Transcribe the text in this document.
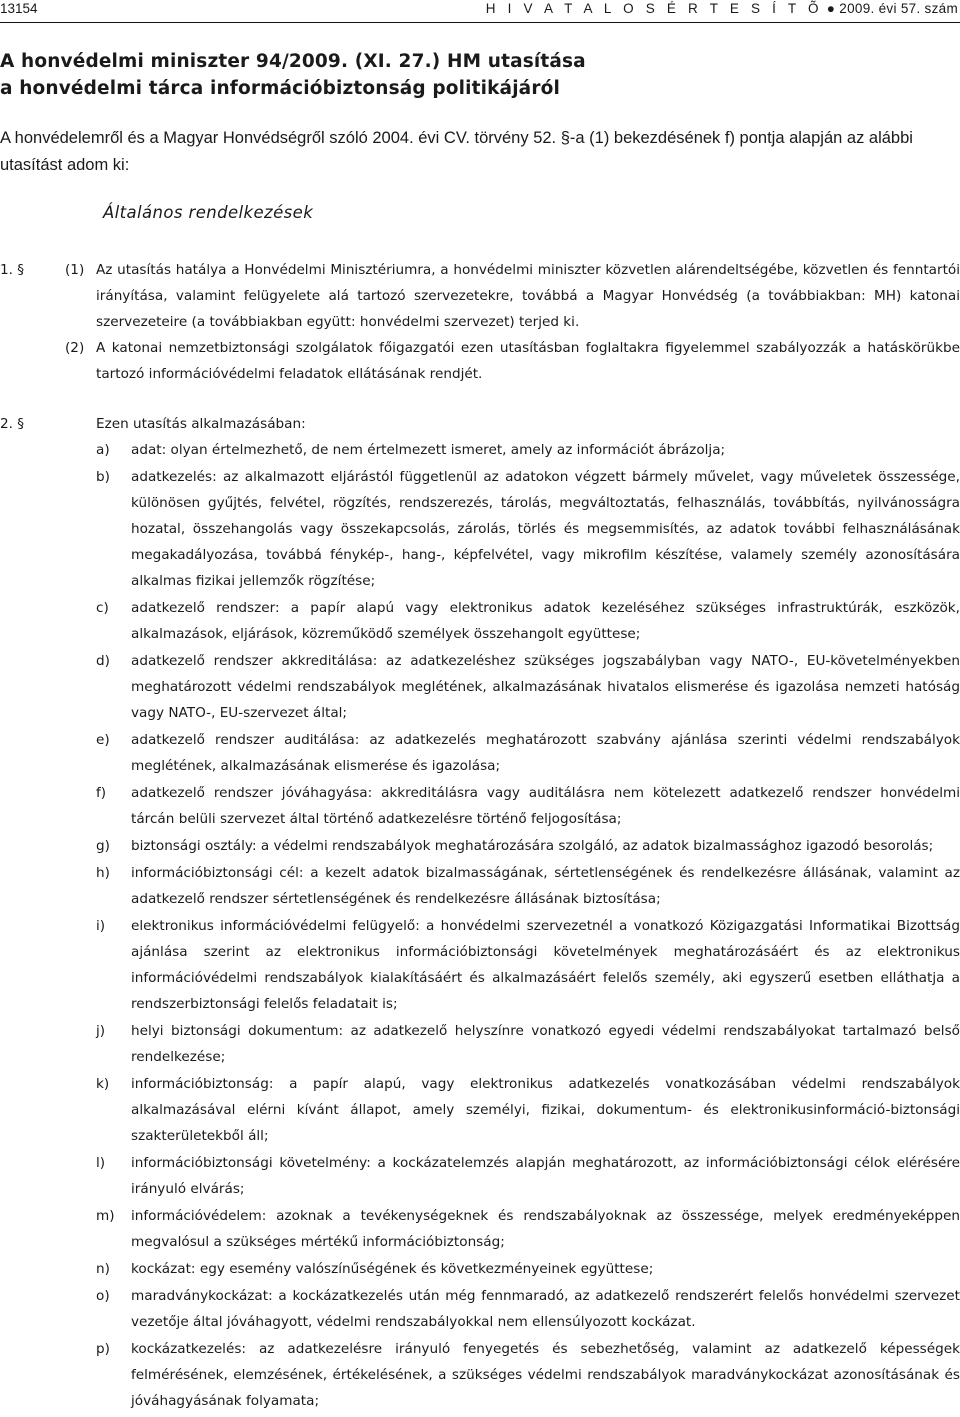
13154	H I V A T A L O S É R T E S Í T Õ ● 2009. évi 57. szám
A honvédelmi miniszter 94/2009. (XI. 27.) HM utasítása
a honvédelmi tárca információbiztonság politikájáról
A honvédelemről és a Magyar Honvédségről szóló 2004. évi CV. törvény 52. §-a (1) bekezdésének f) pontja alapján az alábbi utasítást adom ki:
Általános rendelkezések
1. §	(1) Az utasítás hatálya a Honvédelmi Minisztériumra, a honvédelmi miniszter közvetlen alárendeltségébe, közvetlen és fenntartói irányítása, valamint felügyelete alá tartozó szervezetekre, továbbá a Magyar Honvédség (a továbbiakban: MH) katonai szervezeteire (a továbbiakban együtt: honvédelmi szervezet) terjed ki.
(2) A katonai nemzetbiztonsági szolgálatok főigazgatói ezen utasításban foglaltakra figyelemmel szabályozzák a hatáskörükbe tartozó információvédelmi feladatok ellátásának rendjét.
2. §	Ezen utasítás alkalmazásában:
a) adat: olyan értelmezhető, de nem értelmezett ismeret, amely az információt ábrázolja;
b) adatkezelés: az alkalmazott eljárástól függetlenül az adatokon végzett bármely művelet, vagy műveletek összessége, különösen gyűjtés, felvétel, rögzítés, rendszerezés, tárolás, megváltoztatás, felhasználás, továbbítás, nyilvánosságra hozatal, összehangolás vagy összekapcsolás, zárolás, törlés és megsemmisítés, az adatok további felhasználásának megakadályozása, továbbá fénykép-, hang-, képfelvétel, vagy mikrofilm készítése, valamely személy azonosítására alkalmas fizikai jellemzők rögzítése;
c) adatkezelő rendszer: a papír alapú vagy elektronikus adatok kezeléséhez szükséges infrastruktúrák, eszközök, alkalmazások, eljárások, közreműködő személyek összehangolt együttese;
d) adatkezelő rendszer akkreditálása: az adatkezeléshez szükséges jogszabályban vagy NATO-, EU-követelményekben meghatározott védelmi rendszabályok meglétének, alkalmazásának hivatalos elismerése és igazolása nemzeti hatóság vagy NATO-, EU-szervezet által;
e) adatkezelő rendszer auditálása: az adatkezelés meghatározott szabvány ajánlása szerinti védelmi rendszabályok meglétének, alkalmazásának elismerése és igazolása;
f) adatkezelő rendszer jóváhagyása: akkreditálásra vagy auditálásra nem kötelezett adatkezelő rendszer honvédelmi tárcán belüli szervezet által történő adatkezelésre történő feljogosítása;
g) biztonsági osztály: a védelmi rendszabályok meghatározására szolgáló, az adatok bizalmassághoz igazodó besorolás;
h) információbiztonsági cél: a kezelt adatok bizalmasságának, sértetlenségének és rendelkezésre állásának, valamint az adatkezelő rendszer sértetlenségének és rendelkezésre állásának biztosítása;
i) elektronikus információvédelmi felügyelő: a honvédelmi szervezetnél a vonatkozó Közigazgatási Informatikai Bizottság ajánlása szerint az elektronikus információbiztonsági követelmények meghatározásáért és az elektronikus információvédelmi rendszabályok kialakításáért és alkalmazásáért felelős személy, aki egyszerű esetben elláthatja a rendszerbiztonsági felelős feladatait is;
j) helyi biztonsági dokumentum: az adatkezelő helyszínre vonatkozó egyedi védelmi rendszabályokat tartalmazó belső rendelkezése;
k) információbiztonság: a papír alapú, vagy elektronikus adatkezelés vonatkozásában védelmi rendszabályok alkalmazásával elérni kívánt állapot, amely személyi, fizikai, dokumentum- és elektronikusinformáció-biztonsági szakterületekből áll;
l) információbiztonsági követelmény: a kockázatelemzés alapján meghatározott, az információbiztonsági célok elérésére irányuló elvárás;
m) információvédelem: azoknak a tevékenységeknek és rendszabályoknak az összessége, melyek eredményeképpen megvalósul a szükséges mértékű információbiztonság;
n) kockázat: egy esemény valószínűségének és következményeinek együttese;
o) maradványkockázat: a kockázatkezelés után még fennmaradó, az adatkezelő rendszerért felelős honvédelmi szervezet vezetője által jóváhagyott, védelmi rendszabályokkal nem ellensúlyozott kockázat.
p) kockázatkezelés: az adatkezelésre irányuló fenyegetés és sebezhetőség, valamint az adatkezelő képességek felmérésének, elemzésének, értékelésének, a szükséges védelmi rendszabályok maradványkockázat azonosításának és jóváhagyásának folyamata;
